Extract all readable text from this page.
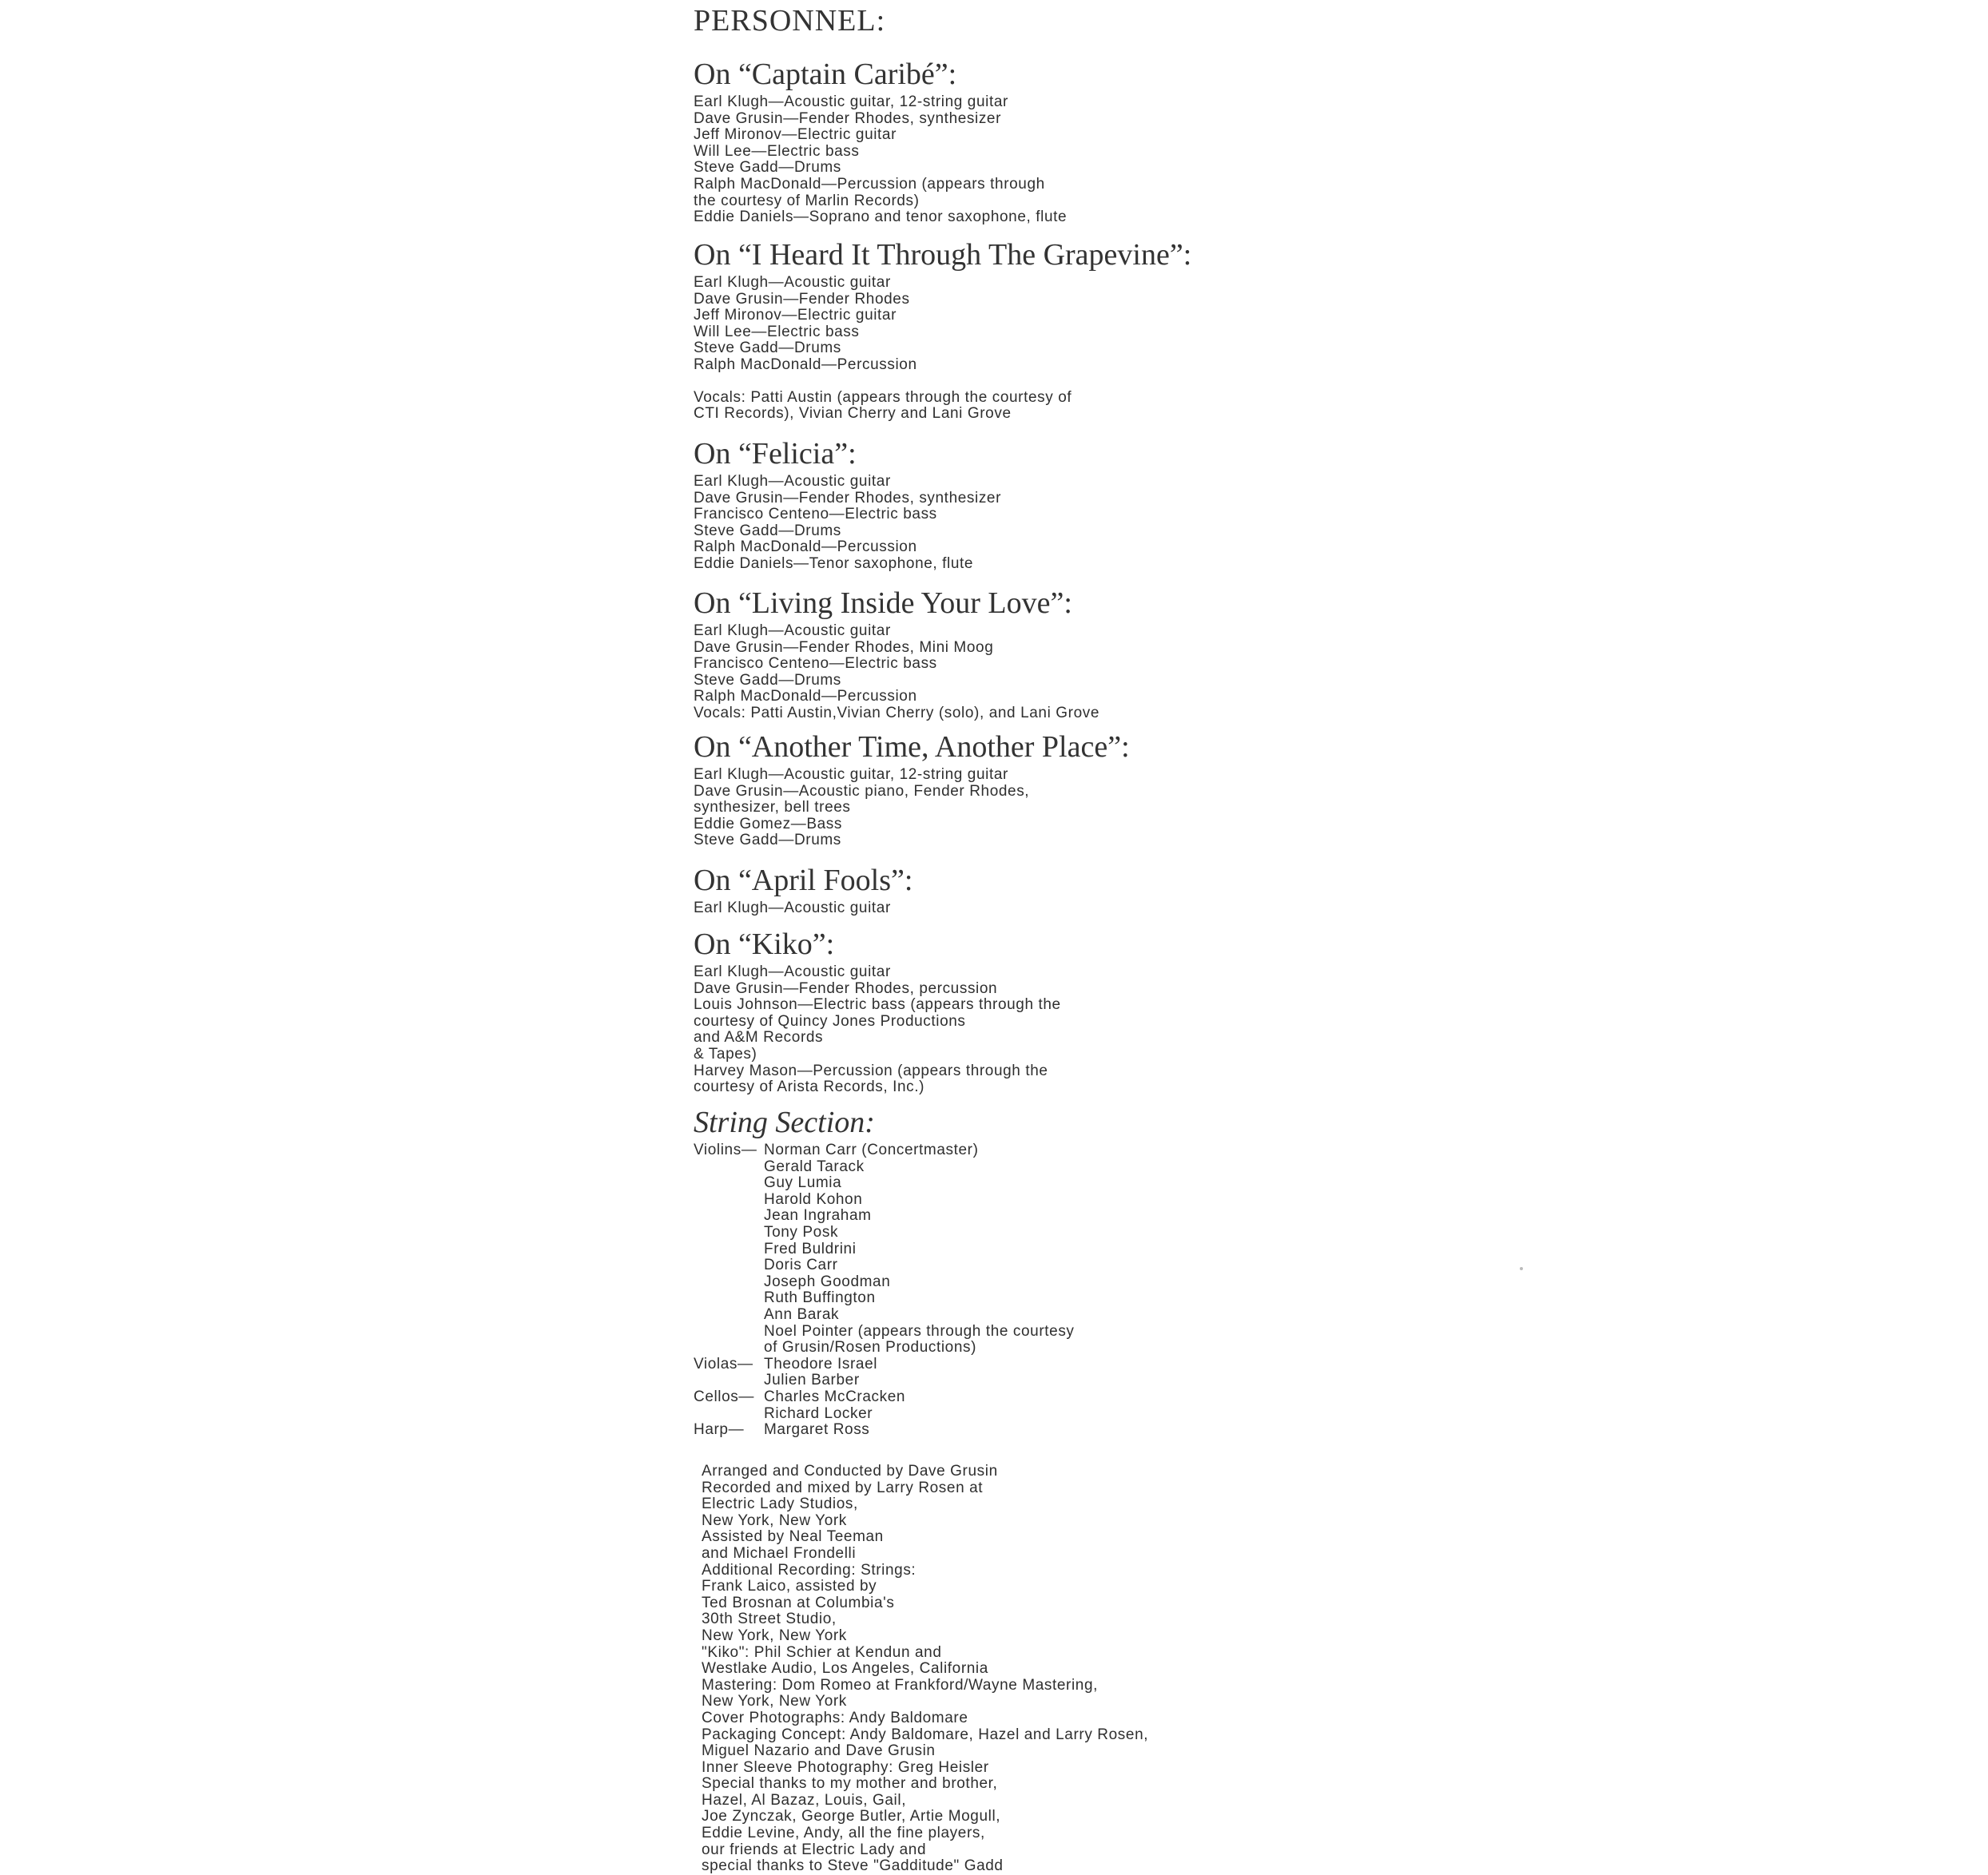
PERSONNEL:
On “Captain Caribé”:
Earl Klugh—Acoustic guitar, 12-string guitar
Dave Grusin—Fender Rhodes, synthesizer
Jeff Mironov—Electric guitar
Will Lee—Electric bass
Steve Gadd—Drums
Ralph MacDonald—Percussion (appears through
the courtesy of Marlin Records)
Eddie Daniels—Soprano and tenor saxophone, flute
On “I Heard It Through The Grapevine”:
Earl Klugh—Acoustic guitar
Dave Grusin—Fender Rhodes
Jeff Mironov—Electric guitar
Will Lee—Electric bass
Steve Gadd—Drums
Ralph MacDonald—Percussion
Vocals: Patti Austin (appears through the courtesy of
CTI Records), Vivian Cherry and Lani Grove
On “Felicia”:
Earl Klugh—Acoustic guitar
Dave Grusin—Fender Rhodes, synthesizer
Francisco Centeno—Electric bass
Steve Gadd—Drums
Ralph MacDonald—Percussion
Eddie Daniels—Tenor saxophone, flute
On “Living Inside Your Love”:
Earl Klugh—Acoustic guitar
Dave Grusin—Fender Rhodes, Mini Moog
Francisco Centeno—Electric bass
Steve Gadd—Drums
Ralph MacDonald—Percussion
Vocals: Patti Austin,Vivian Cherry (solo), and Lani Grove
On “Another Time, Another Place”:
Earl Klugh—Acoustic guitar, 12-string guitar
Dave Grusin—Acoustic piano, Fender Rhodes,
synthesizer, bell trees
Eddie Gomez—Bass
Steve Gadd—Drums
On “April Fools”:
Earl Klugh—Acoustic guitar
On “Kiko”:
Earl Klugh—Acoustic guitar
Dave Grusin—Fender Rhodes, percussion
Louis Johnson—Electric bass (appears through the
courtesy of Quincy Jones Productions
and A&M Records
& Tapes)
Harvey Mason—Percussion (appears through the
courtesy of Arista Records, Inc.)
String Section:
Violins— Norman Carr (Concertmaster)
Gerald Tarack
Guy Lumia
Harold Kohon
Jean Ingraham
Tony Posk
Fred Buldrini
Doris Carr
Joseph Goodman
Ruth Buffington
Ann Barak
Noel Pointer (appears through the courtesy
of Grusin/Rosen Productions)
Violas— Theodore Israel
Julien Barber
Cellos— Charles McCracken
Richard Locker
Harp—	Margaret Ross
Arranged and Conducted by Dave Grusin
Recorded and mixed by Larry Rosen at
Electric Lady Studios,
New York, New York
Assisted by Neal Teeman
and Michael Frondelli
Additional Recording: Strings:
Frank Laico, assisted by
Ted Brosnan at Columbia's
30th Street Studio,
New York, New York
"Kiko": Phil Schier at Kendun and
Westlake Audio, Los Angeles, California
Mastering: Dom Romeo at Frankford/Wayne Mastering,
New York, New York
Cover Photographs: Andy Baldomare
Packaging Concept: Andy Baldomare, Hazel and Larry Rosen,
Miguel Nazario and Dave Grusin
Inner Sleeve Photography: Greg Heisler
Special thanks to my mother and brother,
Hazel, Al Bazaz, Louis, Gail,
Joe Zynczak, George Butler, Artie Mogull,
Eddie Levine, Andy, all the fine players,
our friends at Electric Lady and
special thanks to Steve "Gadditude" Gadd
